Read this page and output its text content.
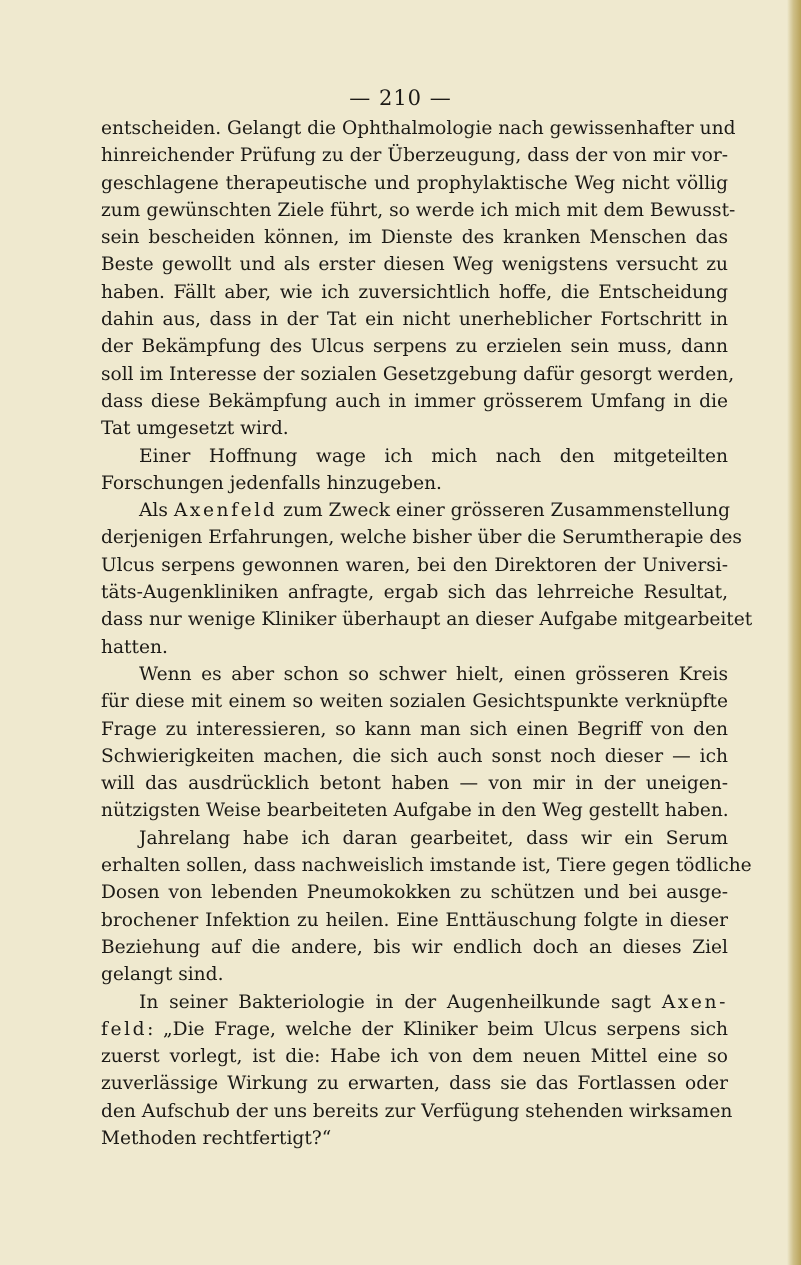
— 210 —

entscheiden. Gelangt die Ophthalmologie nach gewissenhafter und
hinreichender Prüfung zu der Überzeugung, dass der von mir vor-
geschlagene therapeutische und prophylaktische Weg nicht völlig
zum gewünschten Ziele führt, so werde ich mich mit dem Bewusst-
sein bescheiden können, im Dienste des kranken Menschen das
Beste gewollt und als erster diesen Weg wenigstens versucht zu
haben. Fällt aber, wie ich zuversichtlich hoffe, die Entscheidung
dahin aus, dass in der Tat ein nicht unerheblicher Fortschritt in
der Bekämpfung des Ulcus serpens zu erzielen sein muss, dann
soll im Interesse der sozialen Gesetzgebung dafür gesorgt werden,
dass diese Bekämpfung auch in immer grösserem Umfang in die
Tat umgesetzt wird.
Einer Hoffnung wage ich mich nach den mitgeteilten
Forschungen jedenfalls hinzugeben.
Als Axenfeld zum Zweck einer grösseren Zusammenstellung
derjenigen Erfahrungen, welche bisher über die Serumtherapie des
Ulcus serpens gewonnen waren, bei den Direktoren der Universi-
täts-Augenkliniken anfragte, ergab sich das lehrreiche Resultat,
dass nur wenige Kliniker überhaupt an dieser Aufgabe mitgearbeitet
hatten.
Wenn es aber schon so schwer hielt, einen grösseren Kreis
für diese mit einem so weiten sozialen Gesichtspunkte verknüpfte
Frage zu interessieren, so kann man sich einen Begriff von den
Schwierigkeiten machen, die sich auch sonst noch dieser — ich
will das ausdrücklich betont haben — von mir in der uneigen-
nützigsten Weise bearbeiteten Aufgabe in den Weg gestellt haben.
Jahrelang habe ich daran gearbeitet, dass wir ein Serum
erhalten sollen, dass nachweislich imstande ist, Tiere gegen tödliche
Dosen von lebenden Pneumokokken zu schützen und bei ausge-
brochener Infektion zu heilen. Eine Enttäuschung folgte in dieser
Beziehung auf die andere, bis wir endlich doch an dieses Ziel
gelangt sind.
In seiner Bakteriologie in der Augenheilkunde sagt Axen-
feld: „Die Frage, welche der Kliniker beim Ulcus serpens sich
zuerst vorlegt, ist die: Habe ich von dem neuen Mittel eine so
zuverlässige Wirkung zu erwarten, dass sie das Fortlassen oder
den Aufschub der uns bereits zur Verfügung stehenden wirksamen
Methoden rechtfertigt?“
